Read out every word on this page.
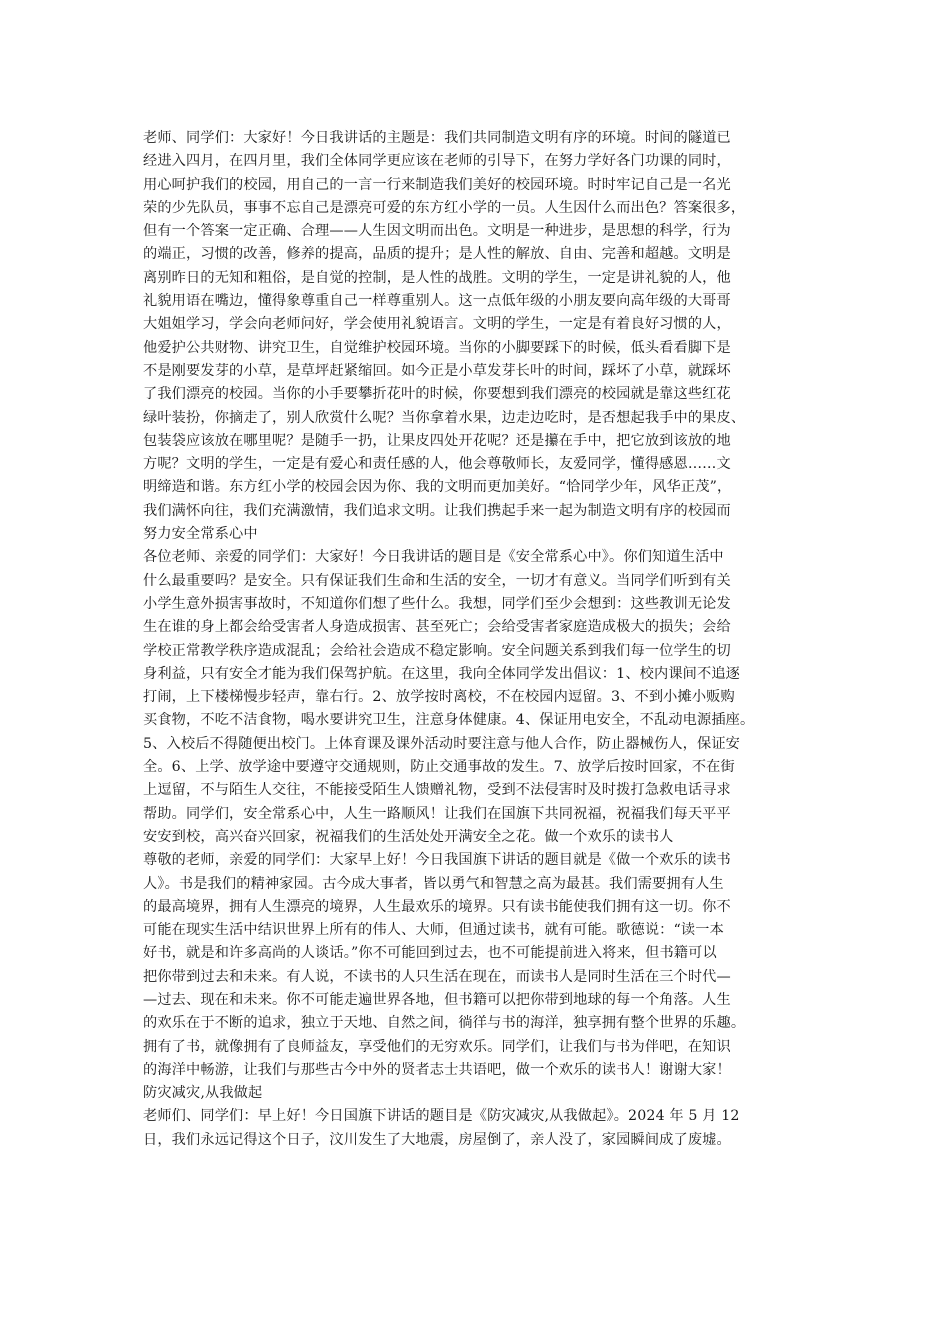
老师、同学们：大家好！今日我讲话的主题是：我们共同制造文明有序的环境。时间的隧道已
经进入四月，在四月里，我们全体同学更应该在老师的引导下，在努力学好各门功课的同时，
用心呵护我们的校园，用自己的一言一行来制造我们美好的校园环境。时时牢记自己是一名光
荣的少先队员，事事不忘自己是漂亮可爱的东方红小学的一员。人生因什么而出色？答案很多，
但有一个答案一定正确、合理——人生因文明而出色。文明是一种进步，是思想的科学，行为
的端正，习惯的改善，修养的提高，品质的提升；是人性的解放、自由、完善和超越。文明是
离别昨日的无知和粗俗，是自觉的控制，是人性的战胜。文明的学生，一定是讲礼貌的人，他
礼貌用语在嘴边，懂得象尊重自己一样尊重别人。这一点低年级的小朋友要向高年级的大哥哥
大姐姐学习，学会向老师问好，学会使用礼貌语言。文明的学生，一定是有着良好习惯的人，
他爱护公共财物、讲究卫生，自觉维护校园环境。当你的小脚要踩下的时候，低头看看脚下是
不是刚要发芽的小草，是草坪赶紧缩回。如今正是小草发芽长叶的时间，踩坏了小草，就踩坏
了我们漂亮的校园。当你的小手要攀折花叶的时候，你要想到我们漂亮的校园就是靠这些红花
绿叶装扮，你摘走了，别人欣赏什么呢？当你拿着水果，边走边吃时，是否想起我手中的果皮、
包装袋应该放在哪里呢？是随手一扔，让果皮四处开花呢？还是攥在手中，把它放到该放的地
方呢？文明的学生，一定是有爱心和责任感的人，他会尊敬师长，友爱同学，懂得感恩……文
明缔造和谐。东方红小学的校园会因为你、我的文明而更加美好。“恰同学少年，风华正茂”，
我们满怀向往，我们充满激情，我们追求文明。让我们携起手来一起为制造文明有序的校园而
努力安全常系心中
各位老师、亲爱的同学们：大家好！今日我讲话的题目是《安全常系心中》。你们知道生活中
什么最重要吗？是安全。只有保证我们生命和生活的安全，一切才有意义。当同学们听到有关
小学生意外损害事故时，不知道你们想了些什么。我想，同学们至少会想到：这些教训无论发
生在谁的身上都会给受害者人身造成损害、甚至死亡；会给受害者家庭造成极大的损失；会给
学校正常教学秩序造成混乱；会给社会造成不稳定影响。安全问题关系到我们每一位学生的切
身利益，只有安全才能为我们保驾护航。在这里，我向全体同学发出倡议：1、校内课间不追逐
打闹，上下楼梯慢步轻声，靠右行。2、放学按时离校，不在校园内逗留。3、不到小摊小贩购
买食物，不吃不洁食物，喝水要讲究卫生，注意身体健康。4、保证用电安全，不乱动电源插座。
5、入校后不得随便出校门。上体育课及课外活动时要注意与他人合作，防止器械伤人，保证安
全。6、上学、放学途中要遵守交通规则，防止交通事故的发生。7、放学后按时回家，不在街
上逗留，不与陌生人交往，不能接受陌生人馈赠礼物，受到不法侵害时及时拨打急救电话寻求
帮助。同学们，安全常系心中，人生一路顺风！让我们在国旗下共同祝福，祝福我们每天平平
安安到校，高兴奋兴回家，祝福我们的生活处处开满安全之花。做一个欢乐的读书人
尊敬的老师，亲爱的同学们：大家早上好！今日我国旗下讲话的题目就是《做一个欢乐的读书
人》。书是我们的精神家园。古今成大事者，皆以勇气和智慧之高为最甚。我们需要拥有人生
的最高境界，拥有人生漂亮的境界，人生最欢乐的境界。只有读书能使我们拥有这一切。你不
可能在现实生活中结识世界上所有的伟人、大师，但通过读书，就有可能。歌德说：“读一本
好书，就是和许多高尚的人谈话。”你不可能回到过去，也不可能提前进入将来，但书籍可以
把你带到过去和未来。有人说，不读书的人只生活在现在，而读书人是同时生活在三个时代—
—过去、现在和未来。你不可能走遍世界各地，但书籍可以把你带到地球的每一个角落。人生
的欢乐在于不断的追求，独立于天地、自然之间，徜徉与书的海洋，独享拥有整个世界的乐趣。
拥有了书，就像拥有了良师益友，享受他们的无穷欢乐。同学们，让我们与书为伴吧，在知识
的海洋中畅游，让我们与那些古今中外的贤者志士共语吧，做一个欢乐的读书人！谢谢大家！
防灾减灾,从我做起
老师们、同学们：早上好！今日国旗下讲话的题目是《防灾减灾,从我做起》。2024 年 5 月 12
日，我们永远记得这个日子，汶川发生了大地震，房屋倒了，亲人没了，家园瞬间成了废墟。
